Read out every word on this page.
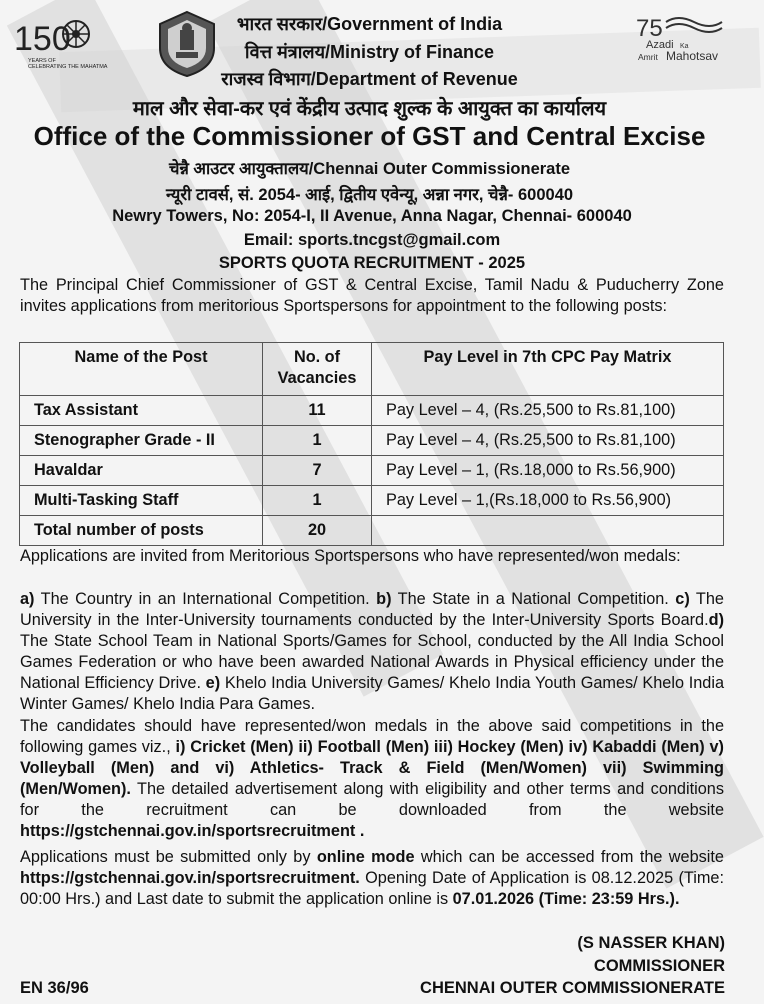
150
YEARS OF
CELEBRATING THE MAHATMA
75
Azadi Ka
Amrit Mahotsav
भारत सरकार/Government of India
वित्त मंत्रालय/Ministry of Finance
राजस्व विभाग/Department of Revenue
माल और सेवा-कर एवं केंद्रीय उत्पाद शुल्क के आयुक्त का कार्यालय
Office of the Commissioner of GST and Central Excise
चेन्नै आउटर आयुक्तालय/Chennai Outer Commissionerate
न्यूरी टावर्स, सं. 2054- आई, द्वितीय एवेन्यू, अन्ना नगर, चेन्नै- 600040
Newry Towers, No: 2054-I, II Avenue, Anna Nagar, Chennai- 600040
Email: sports.tncgst@gmail.com
SPORTS QUOTA RECRUITMENT - 2025
The Principal Chief Commissioner of GST & Central Excise, Tamil Nadu & Puducherry Zone invites applications from meritorious Sportspersons for appointment to the following posts:
Name of the Post	No. of Vacancies	Pay Level in 7th CPC Pay Matrix
Tax Assistant	11	Pay Level – 4, (Rs.25,500 to Rs.81,100)
Stenographer Grade - II	1	Pay Level – 4, (Rs.25,500 to Rs.81,100)
Havaldar	7	Pay Level – 1, (Rs.18,000 to Rs.56,900)
Multi-Tasking Staff	1	Pay Level – 1,(Rs.18,000 to Rs.56,900)
Total number of posts	20	
Applications are invited from Meritorious Sportspersons who have represented/won medals:
a) The Country in an International Competition. b) The State in a National Competition. c) The University in the Inter-University tournaments conducted by the Inter-University Sports Board.d) The State School Team in National Sports/Games for School, conducted by the All India School Games Federation or who have been awarded National Awards in Physical efficiency under the National Efficiency Drive. e) Khelo India University Games/ Khelo India Youth Games/ Khelo India Winter Games/ Khelo India Para Games.
The candidates should have represented/won medals in the above said competitions in the following games viz., i) Cricket (Men) ii) Football (Men) iii) Hockey (Men) iv) Kabaddi (Men) v) Volleyball (Men) and vi) Athletics- Track & Field (Men/Women) vii) Swimming (Men/Women). The detailed advertisement along with eligibility and other terms and conditions for the recruitment can be downloaded from the website https://gstchennai.gov.in/sportsrecruitment .
Applications must be submitted only by online mode which can be accessed from the website https://gstchennai.gov.in/sportsrecruitment. Opening Date of Application is 08.12.2025 (Time: 00:00 Hrs.) and Last date to submit the application online is 07.01.2026 (Time: 23:59 Hrs.).
(S NASSER KHAN)
COMMISSIONER
CHENNAI OUTER COMMISSIONERATE
EN 36/96
